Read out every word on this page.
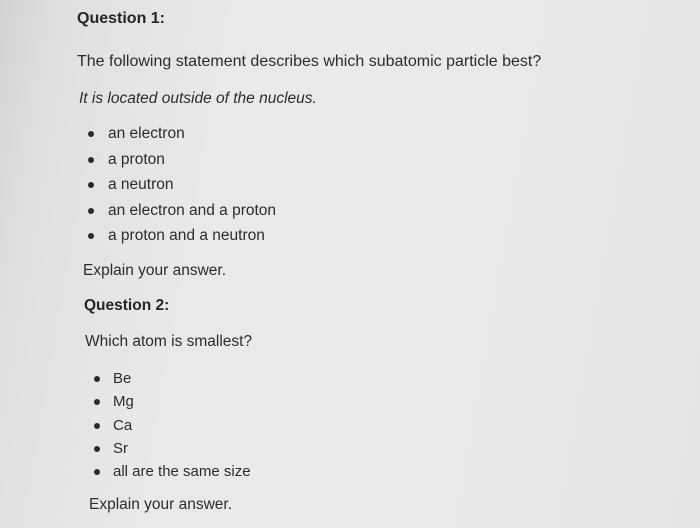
Question 1:
The following statement describes which subatomic particle best?
It is located outside of the nucleus.
an electron
a proton
a neutron
an electron and a proton
a proton and a neutron
Explain your answer.
Question 2:
Which atom is smallest?
Be
Mg
Ca
Sr
all are the same size
Explain your answer.
